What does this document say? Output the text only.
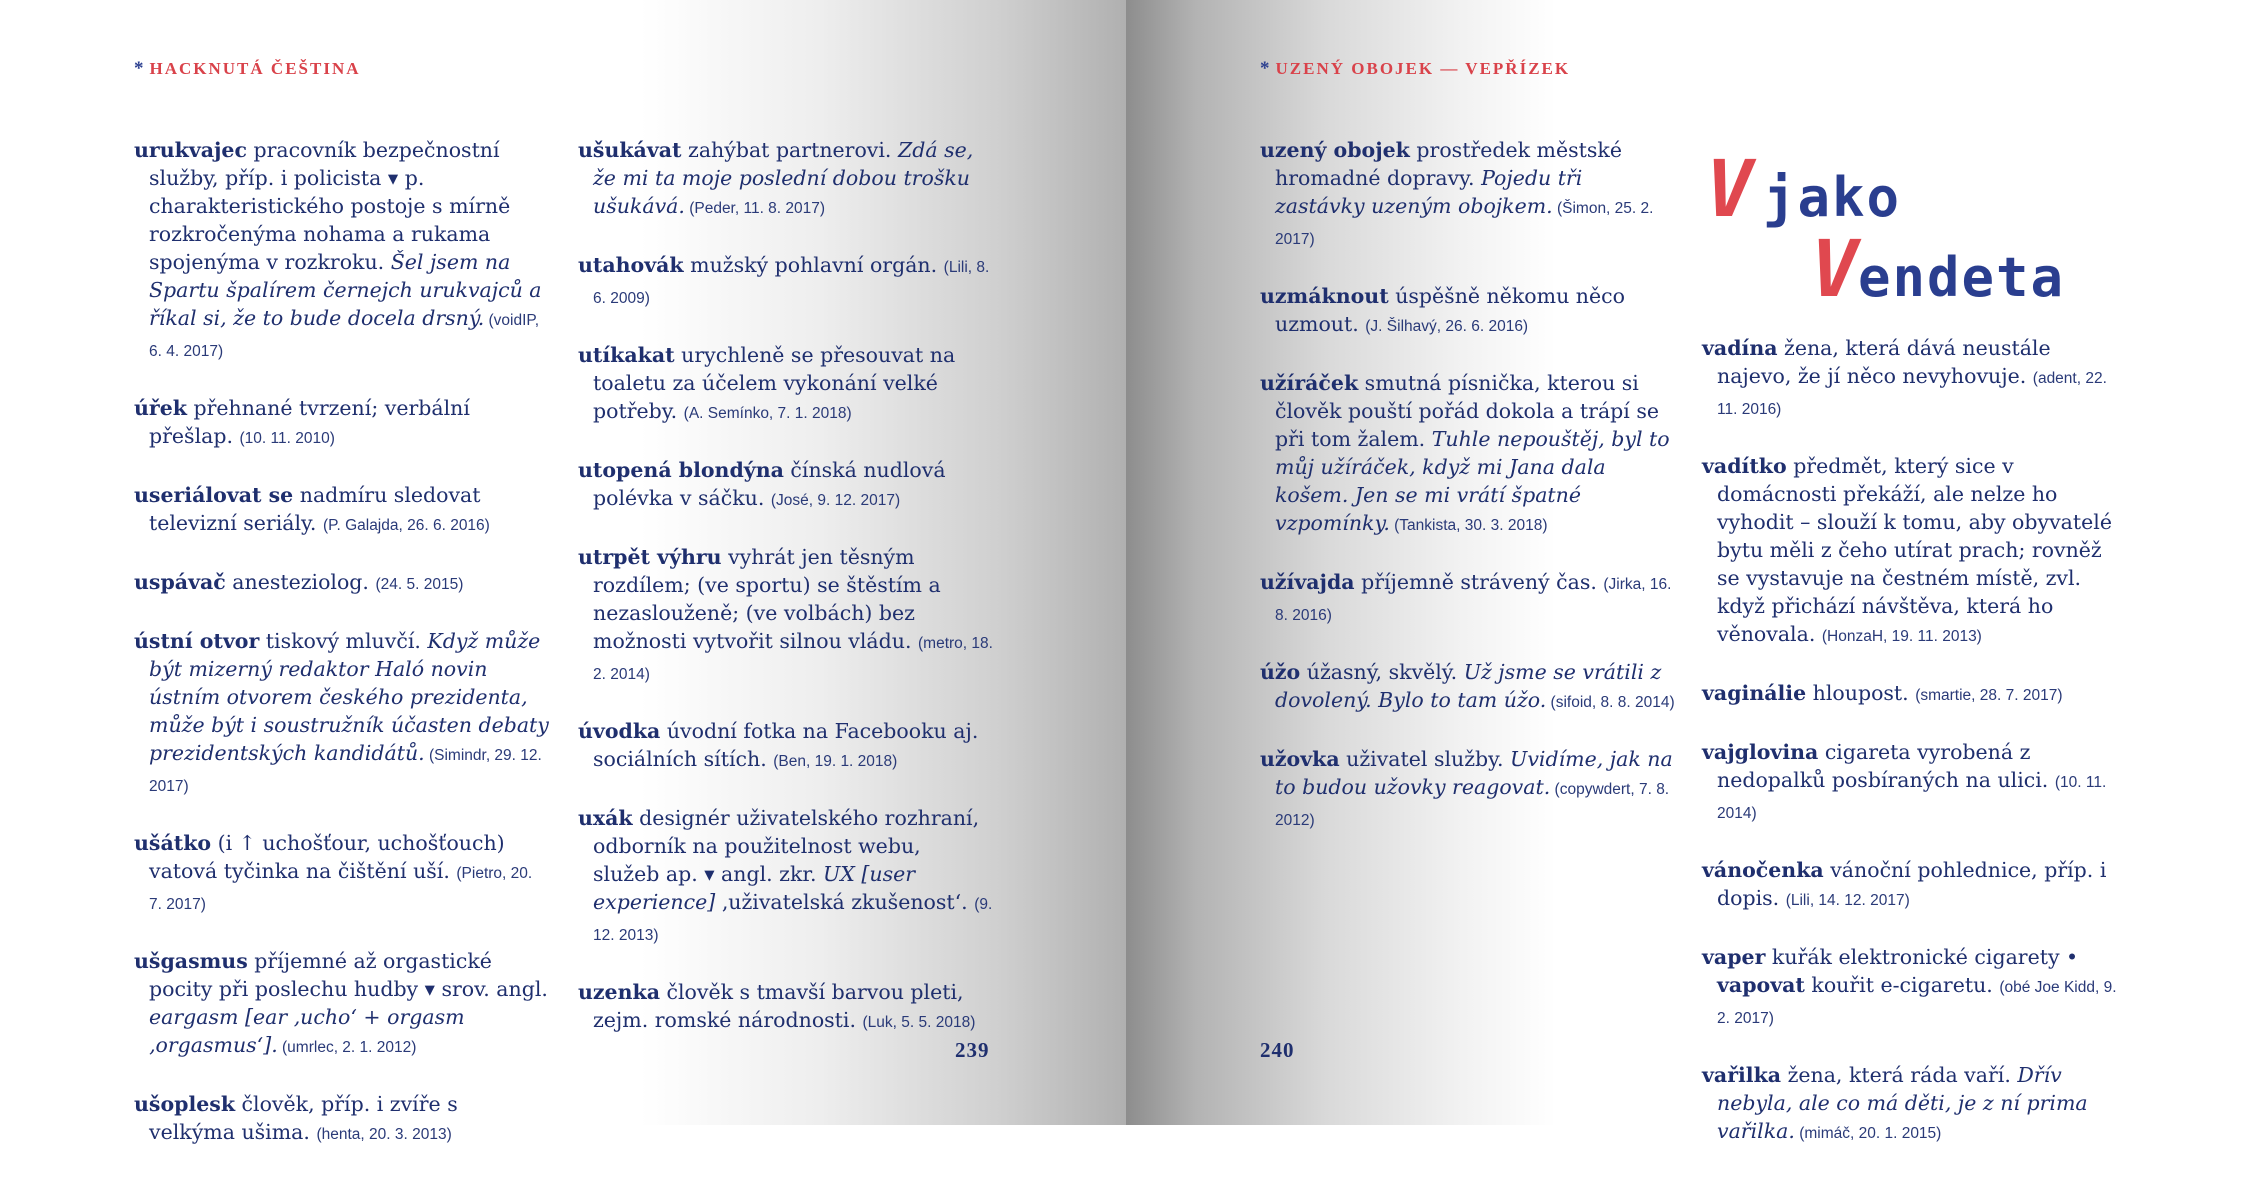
* HACKNUTÁ ČEŠTINA
urukvajec pracovník bezpečnostní služby, příp. i policista ▾ p. charakteristického postoje s mírně rozkročenýma nohama a rukama spojenýma v rozkroku. Šel jsem na Spartu špalírem černejch urukvajců a říkal si, že to bude docela drsný. (voidIP, 6. 4. 2017)
úřek přehnané tvrzení; verbální přešlap. (10. 11. 2010)
useriálovat se nadmíru sledovat televizní seriály. (P. Galajda, 26. 6. 2016)
uspávač anesteziolog. (24. 5. 2015)
ústní otvor tiskový mluvčí. Když může být mizerný redaktor Haló novin ústním otvorem českého prezidenta, může být i soustružník účasten debaty prezidentských kandidátů. (Simindr, 29. 12. 2017)
ušátko (i ↑ uchošťour, uchošťouch) vatová tyčinka na čištění uší. (Pietro, 20. 7. 2017)
ušgasmus příjemné až orgastické pocity při poslechu hudby ▾ srov. angl. eargasm [ear ‚ucho‘ + orgasm ‚orgasmus‘]. (umrlec, 2. 1. 2012)
ušoplesk člověk, příp. i zvíře s velkýma ušima. (henta, 20. 3. 2013)
ušukávat zahýbat partnerovi. Zdá se, že mi ta moje poslední dobou trošku ušukává. (Peder, 11. 8. 2017)
utahovák mužský pohlavní orgán. (Lili, 8. 6. 2009)
utíkakat urychleně se přesouvat na toaletu za účelem vykonání velké potřeby. (A. Semínko, 7. 1. 2018)
utopená blondýna čínská nudlová polévka v sáčku. (José, 9. 12. 2017)
utrpět výhru vyhrát jen těsným rozdílem; (ve sportu) se štěstím a nezaslouženě; (ve volbách) bez možnosti vytvořit silnou vládu. (metro, 18. 2. 2014)
úvodka úvodní fotka na Facebooku aj. sociálních sítích. (Ben, 19. 1. 2018)
uxák designér uživatelského rozhraní, odborník na použitelnost webu, služeb ap. ▾ angl. zkr. UX [user experience] ‚uživatelská zkušenost‘. (9. 12. 2013)
uzenka člověk s tmavší barvou pleti, zejm. romské národnosti. (Luk, 5. 5. 2018)
239
* UZENÝ OBOJEK — VEPŘÍZEK
uzený obojek prostředek městské hromadné dopravy. Pojedu tři zastávky uzeným obojkem. (Šimon, 25. 2. 2017)
uzmáknout úspěšně někomu něco uzmout. (J. Šilhavý, 26. 6. 2016)
užíráček smutná písnička, kterou si člověk pouští pořád dokola a trápí se při tom žalem. Tuhle nepouštěj, byl to můj užíráček, když mi Jana dala košem. Jen se mi vrátí špatné vzpomínky. (Tankista, 30. 3. 2018)
užívajda příjemně strávený čas. (Jirka, 16. 8. 2016)
úžo úžasný, skvělý. Už jsme se vrátili z dovolený. Bylo to tam úžo. (sifoid, 8. 8. 2014)
užovka uživatel služby. Uvidíme, jak na to budou užovky reagovat. (copywdert, 7. 8. 2012)
V jako
Vendeta
vadína žena, která dává neustále najevo, že jí něco nevyhovuje. (adent, 22. 11. 2016)
vadítko předmět, který sice v domácnosti překáží, ale nelze ho vyhodit – slouží k tomu, aby obyvatelé bytu měli z čeho utírat prach; rovněž se vystavuje na čestném místě, zvl. když přichází návštěva, která ho věnovala. (HonzaH, 19. 11. 2013)
vaginálie hloupost. (smartie, 28. 7. 2017)
vajglovina cigareta vyrobená z nedopalků posbíraných na ulici. (10. 11. 2014)
vánočenka vánoční pohlednice, příp. i dopis. (Lili, 14. 12. 2017)
vaper kuřák elektronické cigarety • vapovat kouřit e-cigaretu. (obé Joe Kidd, 9. 2. 2017)
vařilka žena, která ráda vaří. Dřív nebyla, ale co má děti, je z ní prima vařilka. (mimáč, 20. 1. 2015)
240
